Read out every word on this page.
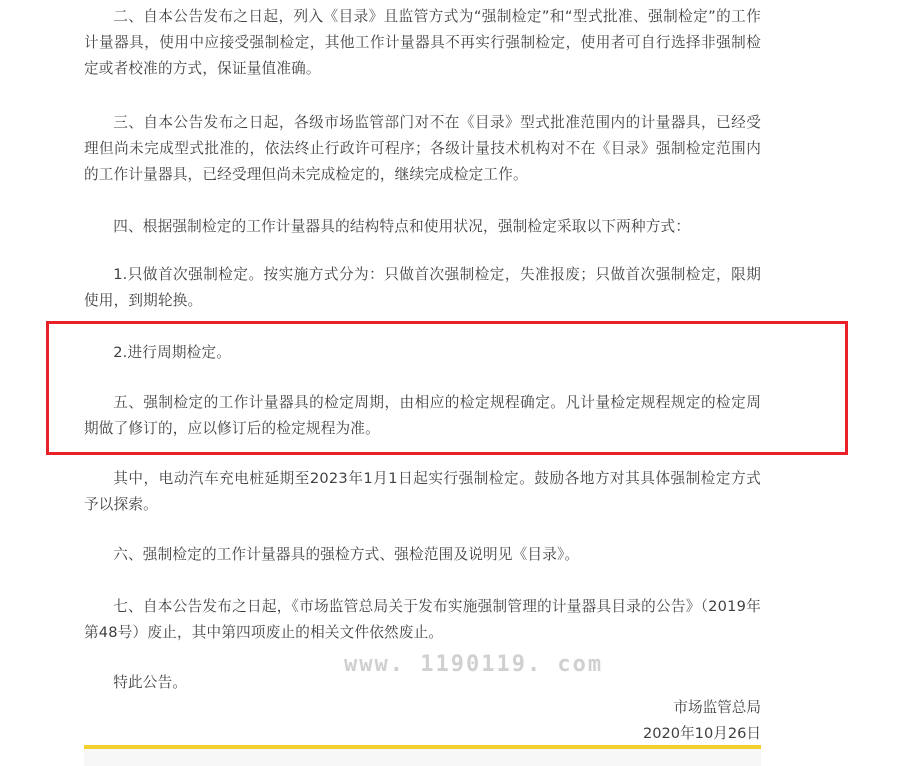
二、自本公告发布之日起，列入《目录》且监管方式为“强制检定”和“型式批准、强制检定”的工作计量器具，使用中应接受强制检定，其他工作计量器具不再实行强制检定，使用者可自行选择非强制检定或者校准的方式，保证量值准确。

三、自本公告发布之日起，各级市场监管部门对不在《目录》型式批准范围内的计量器具，已经受理但尚未完成型式批准的，依法终止行政许可程序；各级计量技术机构对不在《目录》强制检定范围内的工作计量器具，已经受理但尚未完成检定的，继续完成检定工作。

四、根据强制检定的工作计量器具的结构特点和使用状况，强制检定采取以下两种方式：

1.只做首次强制检定。按实施方式分为：只做首次强制检定，失准报废；只做首次强制检定，限期使用，到期轮换。

2.进行周期检定。

五、强制检定的工作计量器具的检定周期，由相应的检定规程确定。凡计量检定规程规定的检定周期做了修订的，应以修订后的检定规程为准。

其中，电动汽车充电桩延期至2023年1月1日起实行强制检定。鼓励各地方对其具体强制检定方式予以探索。

六、强制检定的工作计量器具的强检方式、强检范围及说明见《目录》。

七、自本公告发布之日起，《市场监管总局关于发布实施强制管理的计量器具目录的公告》（2019年第48号）废止，其中第四项废止的相关文件依然废止。

特此公告。

市场监管总局

2020年10月26日

www. 1190119. com
